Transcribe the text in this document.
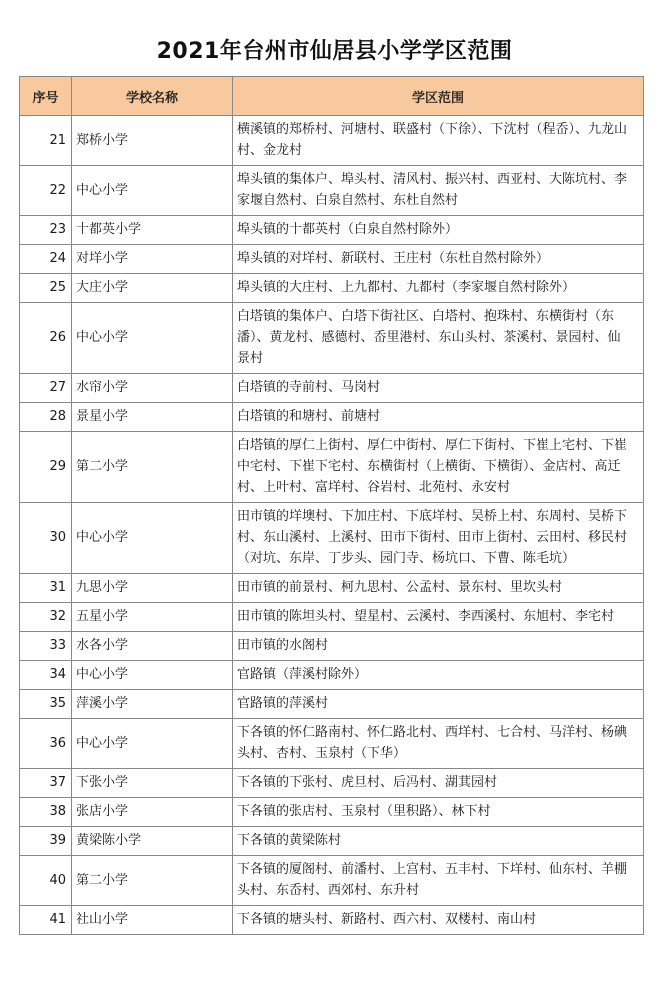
2021年台州市仙居县小学学区范围
序号	学校名称	学区范围
21	郑桥小学	横溪镇的郑桥村、河塘村、联盛村（下徐）、下沈村（程岙）、九龙山村、金龙村
22	中心小学	埠头镇的集体户、埠头村、清风村、振兴村、西亚村、大陈坑村、李家堰自然村、白泉自然村、东杜自然村
23	十都英小学	埠头镇的十都英村（白泉自然村除外）
24	对垟小学	埠头镇的对垟村、新联村、王庄村（东杜自然村除外）
25	大庄小学	埠头镇的大庄村、上九都村、九都村（李家堰自然村除外）
26	中心小学	白塔镇的集体户、白塔下街社区、白塔村、抱珠村、东横街村（东潘）、黄龙村、感德村、岙里港村、东山头村、茶溪村、景园村、仙景村
27	水帘小学	白塔镇的寺前村、马岗村
28	景星小学	白塔镇的和塘村、前塘村
29	第二小学	白塔镇的厚仁上街村、厚仁中街村、厚仁下街村、下崔上宅村、下崔中宅村、下崔下宅村、东横街村（上横街、下横街）、金店村、高迁村、上叶村、富垟村、谷岩村、北苑村、永安村
30	中心小学	田市镇的垟墺村、下加庄村、下底垟村、吴桥上村、东周村、吴桥下村、东山溪村、上溪村、田市下街村、田市上街村、云田村、移民村（对坑、东岸、丁步头、园门寺、杨坑口、下曹、陈毛坑）
31	九思小学	田市镇的前景村、柯九思村、公孟村、景东村、里坎头村
32	五星小学	田市镇的陈坦头村、望星村、云溪村、李西溪村、东旭村、李宅村
33	水各小学	田市镇的水阁村
34	中心小学	官路镇（萍溪村除外）
35	萍溪小学	官路镇的萍溪村
36	中心小学	下各镇的怀仁路南村、怀仁路北村、西垟村、七合村、马洋村、杨碘头村、杏村、玉泉村（下华）
37	下张小学	下各镇的下张村、虎旦村、后冯村、湖萁园村
38	张店小学	下各镇的张店村、玉泉村（里积路）、林下村
39	黄梁陈小学	下各镇的黄梁陈村
40	第二小学	下各镇的厦阁村、前潘村、上宫村、五丰村、下垟村、仙东村、羊棚头村、东岙村、西郊村、东升村
41	社山小学	下各镇的塘头村、新路村、西六村、双楼村、南山村
